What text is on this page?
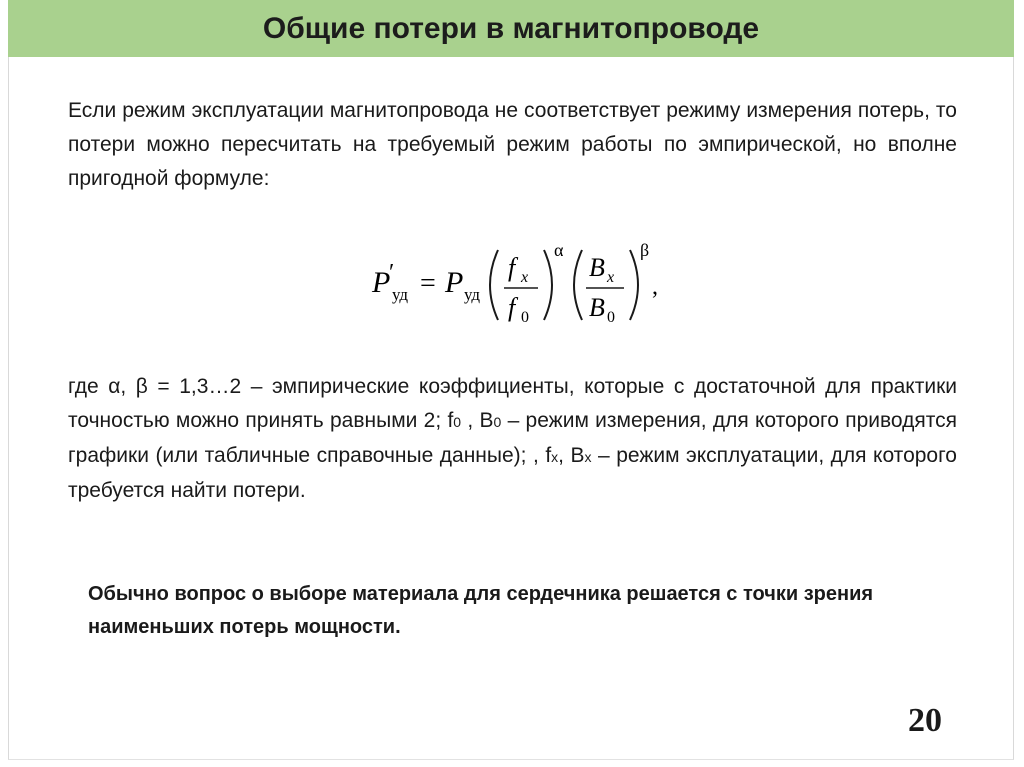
Общие потери в магнитопроводе

Если режим эксплуатации магнитопровода не соответствует режиму измерения потерь, то потери можно пересчитать на требуемый режим работы по эмпирической, но вполне пригодной формуле:

P
′
уд = P уд
f x
f 0
α
B x
B 0
β
,

где α, β = 1,3…2 – эмпирические коэффициенты, которые с достаточной для практики точностью можно принять равными 2; f0 , B0 – режим измерения, для которого приводятся графики (или табличные справочные данные); , fx, Bx – режим эксплуатации, для которого требуется найти потери.

Обычно вопрос о выборе материала для сердечника решается с точки зрения наименьших потерь мощности.

20
